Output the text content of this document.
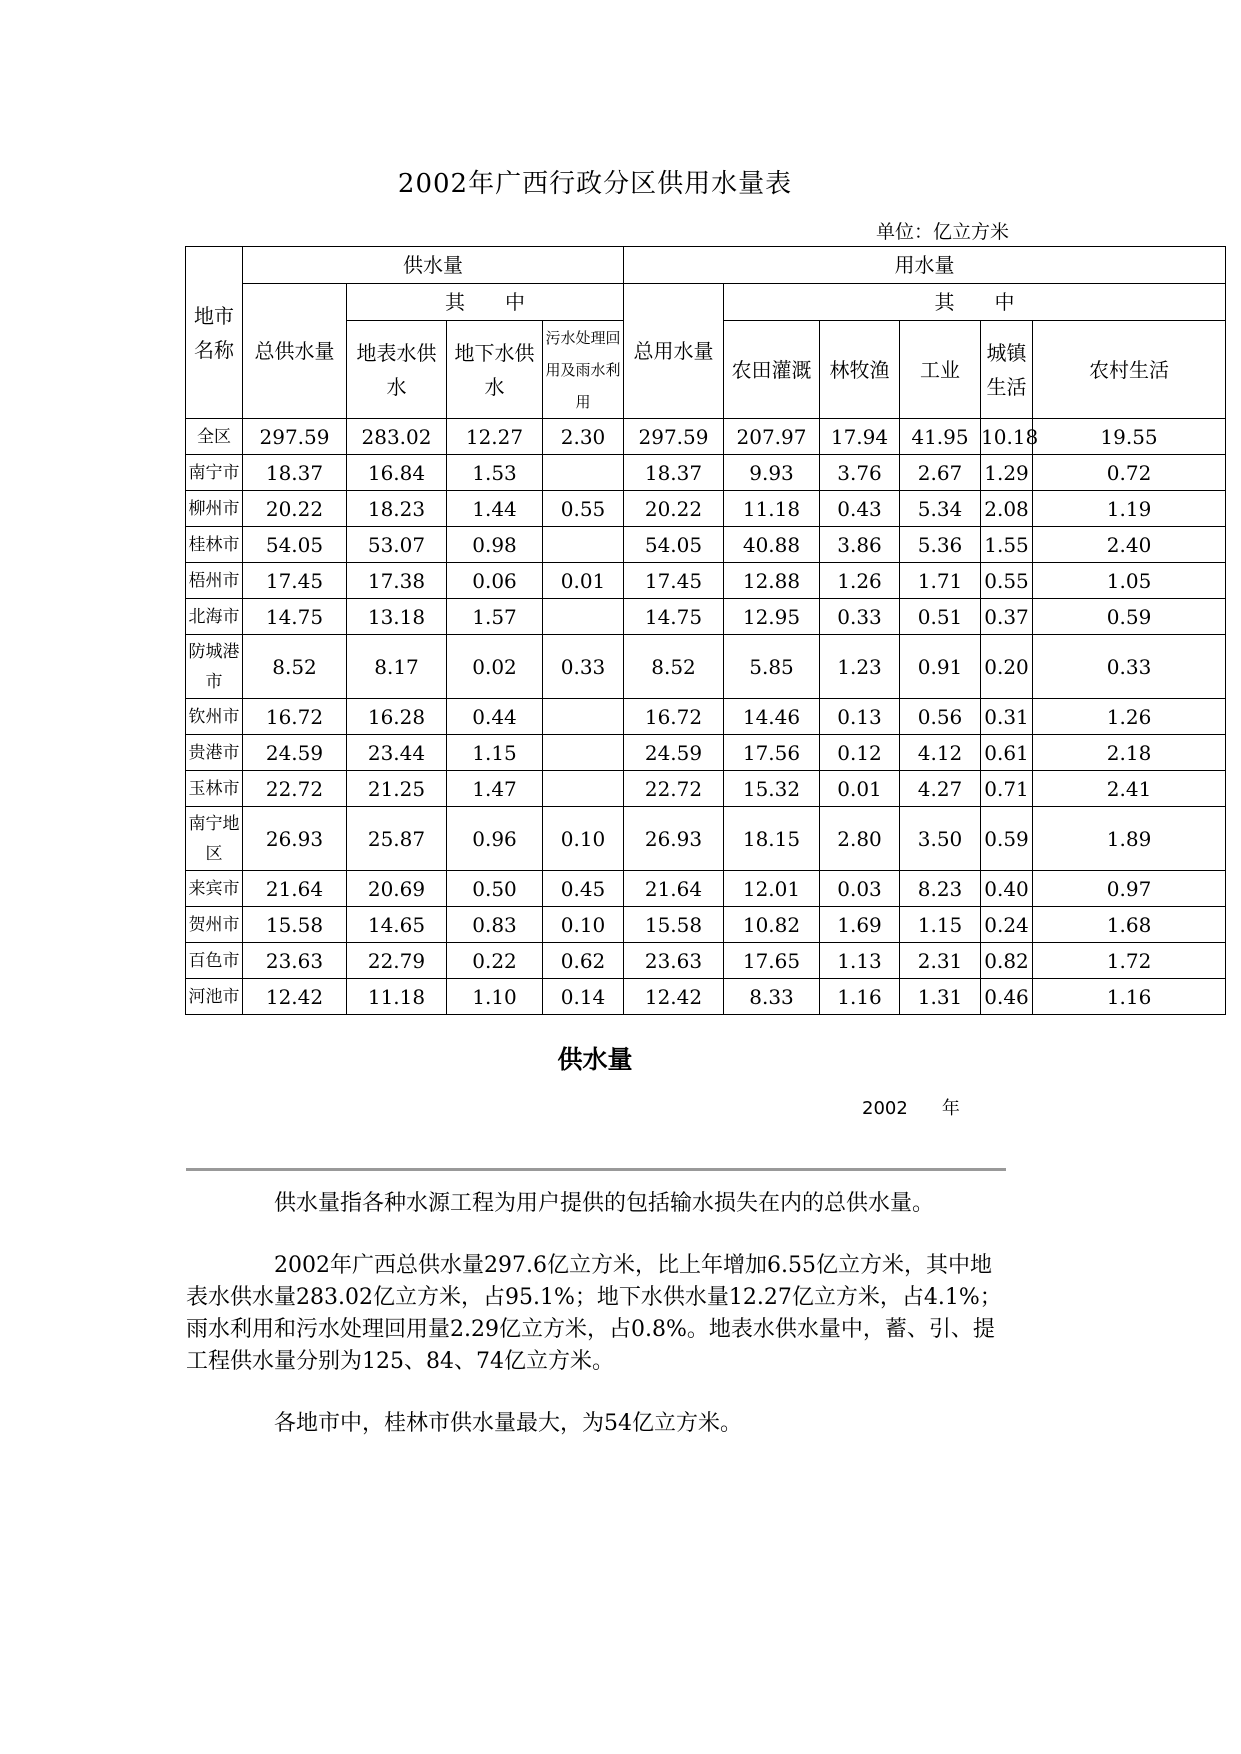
2002年广西行政分区供用水量表
单位：亿立方米
地市名称	供水量				用水量					
	总供水量	其　　中			总用水量	其　　中				
		地表水供水	地下水供水	污水处理回用及雨水利用		农田灌溉	林牧渔	工业	城镇生活	农村生活
全区	297.59	283.02	12.27	2.30	297.59	207.97	17.94	41.95	10.18	19.55
南宁市	18.37	16.84	1.53		18.37	9.93	3.76	2.67	1.29	0.72
柳州市	20.22	18.23	1.44	0.55	20.22	11.18	0.43	5.34	2.08	1.19
桂林市	54.05	53.07	0.98		54.05	40.88	3.86	5.36	1.55	2.40
梧州市	17.45	17.38	0.06	0.01	17.45	12.88	1.26	1.71	0.55	1.05
北海市	14.75	13.18	1.57		14.75	12.95	0.33	0.51	0.37	0.59
防城港市	8.52	8.17	0.02	0.33	8.52	5.85	1.23	0.91	0.20	0.33
钦州市	16.72	16.28	0.44		16.72	14.46	0.13	0.56	0.31	1.26
贵港市	24.59	23.44	1.15		24.59	17.56	0.12	4.12	0.61	2.18
玉林市	22.72	21.25	1.47		22.72	15.32	0.01	4.27	0.71	2.41
南宁地区	26.93	25.87	0.96	0.10	26.93	18.15	2.80	3.50	0.59	1.89
来宾市	21.64	20.69	0.50	0.45	21.64	12.01	0.03	8.23	0.40	0.97
贺州市	15.58	14.65	0.83	0.10	15.58	10.82	1.69	1.15	0.24	1.68
百色市	23.63	22.79	0.22	0.62	23.63	17.65	1.13	2.31	0.82	1.72
河池市	12.42	11.18	1.10	0.14	12.42	8.33	1.16	1.31	0.46	1.16
供水量
2002 年

供水量指各种水源工程为用户提供的包括输水损失在内的总供水量。

2002年广西总供水量297.6亿立方米，比上年增加6.55亿立方米，其中地表水供水量283.02亿立方米，占95.1%；地下水供水量12.27亿立方米，占4.1%；雨水利用和污水处理回用量2.29亿立方米，占0.8%。地表水供水量中，蓄、引、提工程供水量分别为125、84、74亿立方米。

各地市中，桂林市供水量最大，为54亿立方米。
